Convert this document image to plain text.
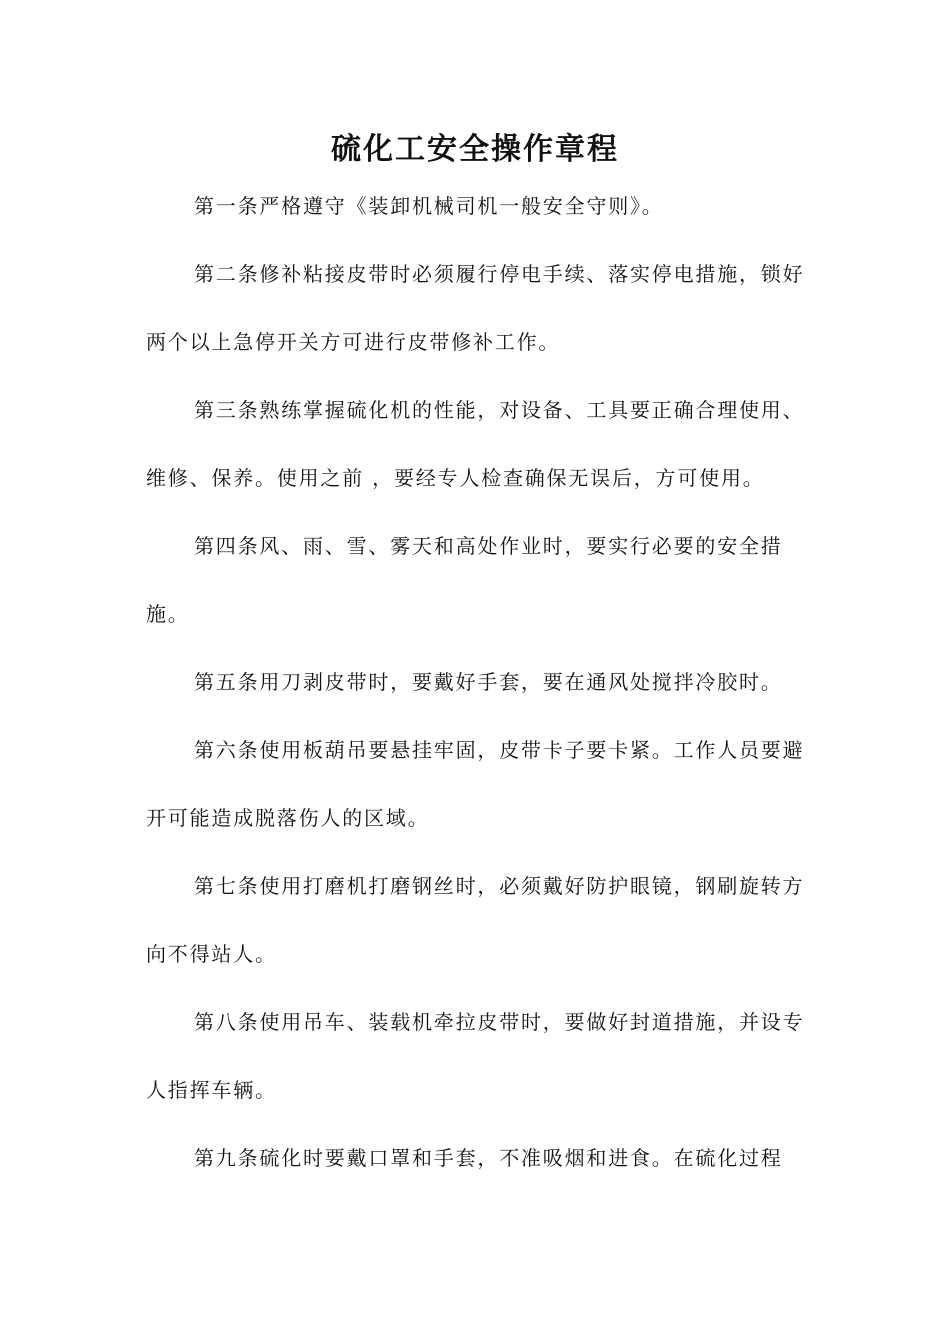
硫化工安全操作章程

第一条严格遵守《装卸机械司机一般安全守则》。

第二条修补粘接皮带时必须履行停电手续、落实停电措施，锁好两个以上急停开关方可进行皮带修补工作。

第三条熟练掌握硫化机的性能，对设备、工具要正确合理使用、维修、保养。使用之前 ，要经专人检查确保无误后，方可使用。

第四条风、雨、雪、雾天和高处作业时，要实行必要的安全措施。

第五条用刀剥皮带时，要戴好手套，要在通风处搅拌冷胶时。

第六条使用板葫吊要悬挂牢固，皮带卡子要卡紧。工作人员要避开可能造成脱落伤人的区域。

第七条使用打磨机打磨钢丝时，必须戴好防护眼镜，钢刷旋转方向不得站人。

第八条使用吊车、装载机牵拉皮带时，要做好封道措施，并设专人指挥车辆。

第九条硫化时要戴口罩和手套，不准吸烟和进食。在硫化过程
